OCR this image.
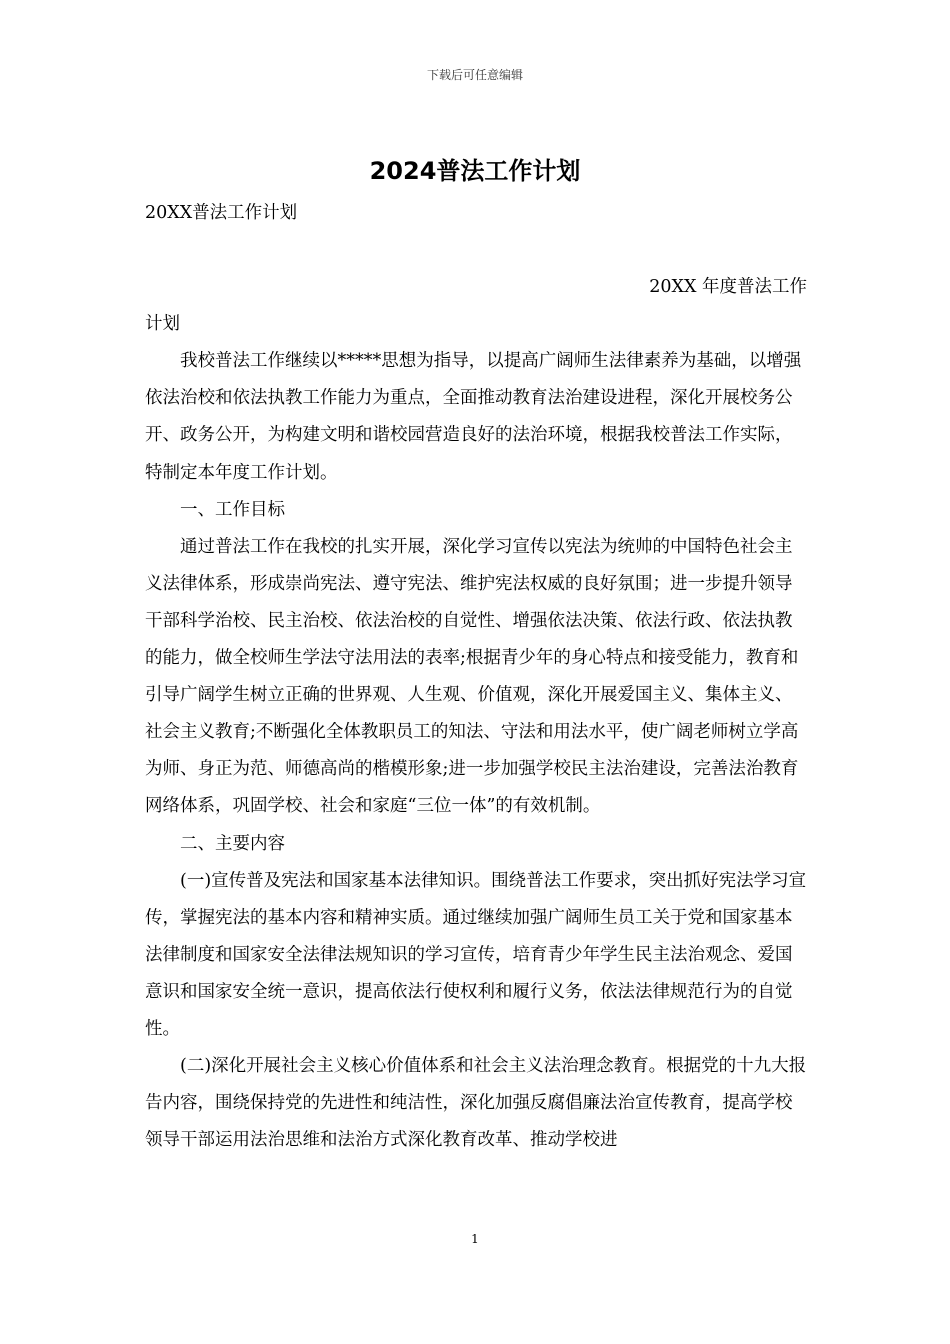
下载后可任意编辑
2024普法工作计划

20XX普法工作计划

20XX 年度普法工作

计划

我校普法工作继续以*****思想为指导，以提高广阔师生法律素养为基础，以增强依法治校和依法执教工作能力为重点，全面推动教育法治建设进程，深化开展校务公开、政务公开，为构建文明和谐校园营造良好的法治环境，根据我校普法工作实际，特制定本年度工作计划。

一、工作目标

通过普法工作在我校的扎实开展，深化学习宣传以宪法为统帅的中国特色社会主义法律体系，形成崇尚宪法、遵守宪法、维护宪法权威的良好氛围；进一步提升领导干部科学治校、民主治校、依法治校的自觉性、增强依法决策、依法行政、依法执教的能力，做全校师生学法守法用法的表率;根据青少年的身心特点和接受能力，教育和引导广阔学生树立正确的世界观、人生观、价值观，深化开展爱国主义、集体主义、社会主义教育;不断强化全体教职员工的知法、守法和用法水平，使广阔老师树立学高为师、身正为范、师德高尚的楷模形象;进一步加强学校民主法治建设，完善法治教育网络体系，巩固学校、社会和家庭“三位一体”的有效机制。

二、主要内容

(一)宣传普及宪法和国家基本法律知识。围绕普法工作要求，突出抓好宪法学习宣传，掌握宪法的基本内容和精神实质。通过继续加强广阔师生员工关于党和国家基本法律制度和国家安全法律法规知识的学习宣传，培育青少年学生民主法治观念、爱国意识和国家安全统一意识，提高依法行使权利和履行义务，依法法律规范行为的自觉性。

(二)深化开展社会主义核心价值体系和社会主义法治理念教育。根据党的十九大报告内容，围绕保持党的先进性和纯洁性，深化加强反腐倡廉法治宣传教育，提高学校领导干部运用法治思维和法治方式深化教育改革、推动学校进

1
